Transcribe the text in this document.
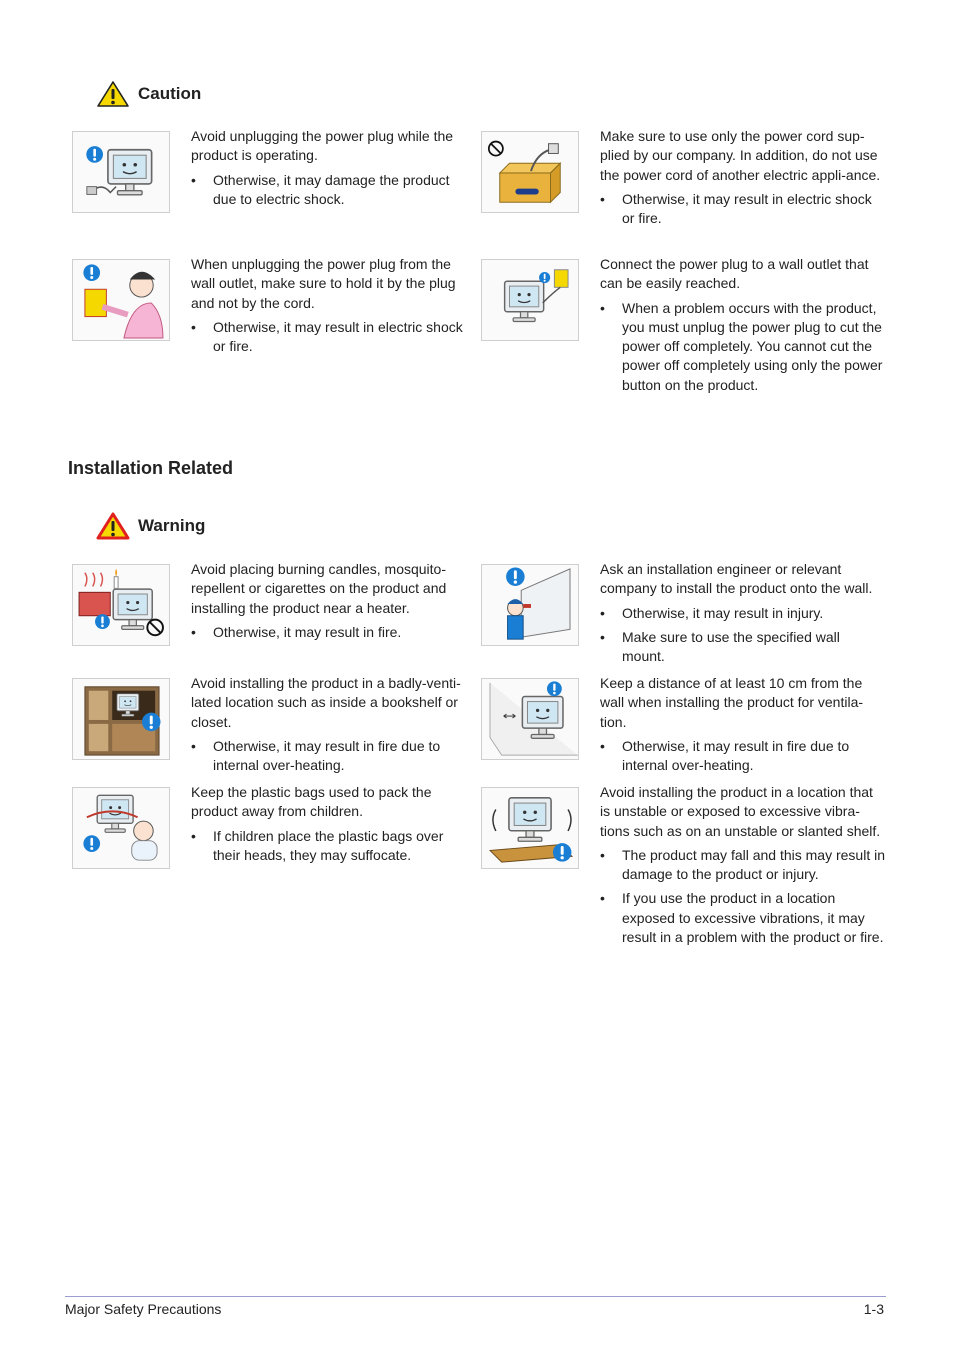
Caution

Avoid unplugging the power plug while the product is operating.

• Otherwise, it may damage the product due to electric shock.

Make sure to use only the power cord sup-plied by our company. In addition, do not use the power cord of another electric appli-ance.

• Otherwise, it may result in electric shock or fire.

When unplugging the power plug from the wall outlet, make sure to hold it by the plug and not by the cord.

• Otherwise, it may result in electric shock or fire.

Connect the power plug to a wall outlet that can be easily reached.

• When a problem occurs with the product, you must unplug the power plug to cut the power off completely. You cannot cut the power off completely using only the power button on the product.
Installation Related
Warning

Avoid placing burning candles, mosquito-repellent or cigarettes on the product and installing the product near a heater.

• Otherwise, it may result in fire.

Ask an installation engineer or relevant company to install the product onto the wall.

• Otherwise, it may result in injury.
• Make sure to use the specified wall mount.

Avoid installing the product in a badly-venti-lated location such as inside a bookshelf or closet.

• Otherwise, it may result in fire due to internal over-heating.

Keep a distance of at least 10 cm from the wall when installing the product for ventila-tion.

• Otherwise, it may result in fire due to internal over-heating.

Keep the plastic bags used to pack the product away from children.

• If children place the plastic bags over their heads, they may suffocate.

Avoid installing the product in a location that is unstable or exposed to excessive vibra-tions such as on an unstable or slanted shelf.

• The product may fall and this may result in damage to the product or injury.
• If you use the product in a location exposed to excessive vibrations, it may result in a problem with the product or fire.
Major Safety Precautions	1-3
